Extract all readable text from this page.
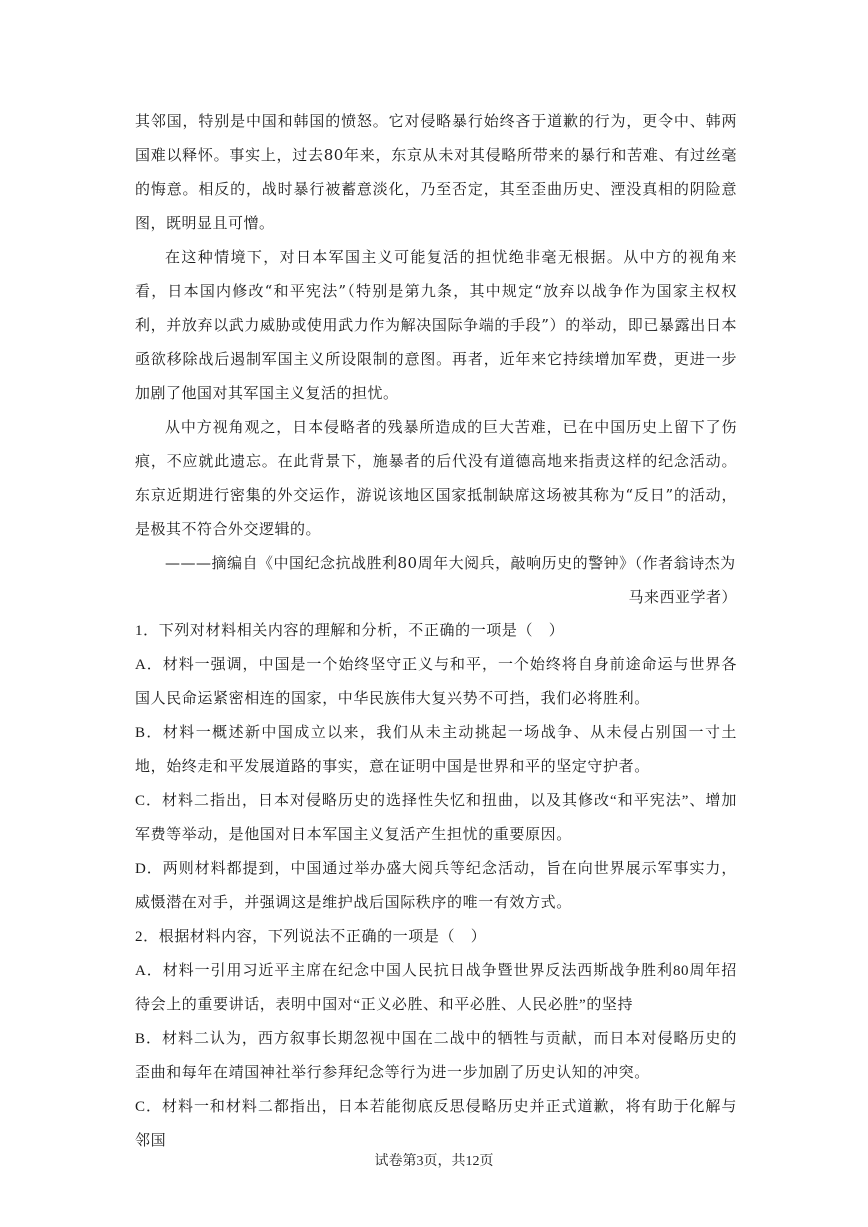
其邻国，特别是中国和韩国的愤怒。它对侵略暴行始终吝于道歉的行为，更令中、韩两国难以释怀。事实上，过去80年来，东京从未对其侵略所带来的暴行和苦难、有过丝毫的悔意。相反的，战时暴行被蓄意淡化，乃至否定，其至歪曲历史、湮没真相的阴险意图，既明显且可憎。

在这种情境下，对日本军国主义可能复活的担忧绝非毫无根据。从中方的视角来看，日本国内修改“和平宪法”（特别是第九条，其中规定“放弃以战争作为国家主权权利，并放弃以武力威胁或使用武力作为解决国际争端的手段”）的举动，即已暴露出日本亟欲移除战后遏制军国主义所设限制的意图。再者，近年来它持续增加军费，更进一步加剧了他国对其军国主义复活的担忧。

从中方视角观之，日本侵略者的残暴所造成的巨大苦难，已在中国历史上留下了伤痕，不应就此遗忘。在此背景下，施暴者的后代没有道德高地来指责这样的纪念活动。东京近期进行密集的外交运作，游说该地区国家抵制缺席这场被其称为“反日”的活动，是极其不符合外交逻辑的。

———摘编自《中国纪念抗战胜利80周年大阅兵，敲响历史的警钟》（作者翁诗杰为

马来西亚学者）

1．下列对材料相关内容的理解和分析，不正确的一项是（　）

A．材料一强调，中国是一个始终坚守正义与和平，一个始终将自身前途命运与世界各国人民命运紧密相连的国家，中华民族伟大复兴势不可挡，我们必将胜利。

B．材料一概述新中国成立以来，我们从未主动挑起一场战争、从未侵占别国一寸土地，始终走和平发展道路的事实，意在证明中国是世界和平的坚定守护者。

C．材料二指出，日本对侵略历史的选择性失忆和扭曲，以及其修改“和平宪法”、增加军费等举动，是他国对日本军国主义复活产生担忧的重要原因。

D．两则材料都提到，中国通过举办盛大阅兵等纪念活动，旨在向世界展示军事实力，威慑潜在对手，并强调这是维护战后国际秩序的唯一有效方式。

2．根据材料内容，下列说法不正确的一项是（　）

A．材料一引用习近平主席在纪念中国人民抗日战争暨世界反法西斯战争胜利80周年招待会上的重要讲话，表明中国对“正义必胜、和平必胜、人民必胜”的坚持

B．材料二认为，西方叙事长期忽视中国在二战中的牺牲与贡献，而日本对侵略历史的歪曲和每年在靖国神社举行参拜纪念等行为进一步加剧了历史认知的冲突。

C．材料一和材料二都指出，日本若能彻底反思侵略历史并正式道歉，将有助于化解与邻国

试卷第3页，共12页
